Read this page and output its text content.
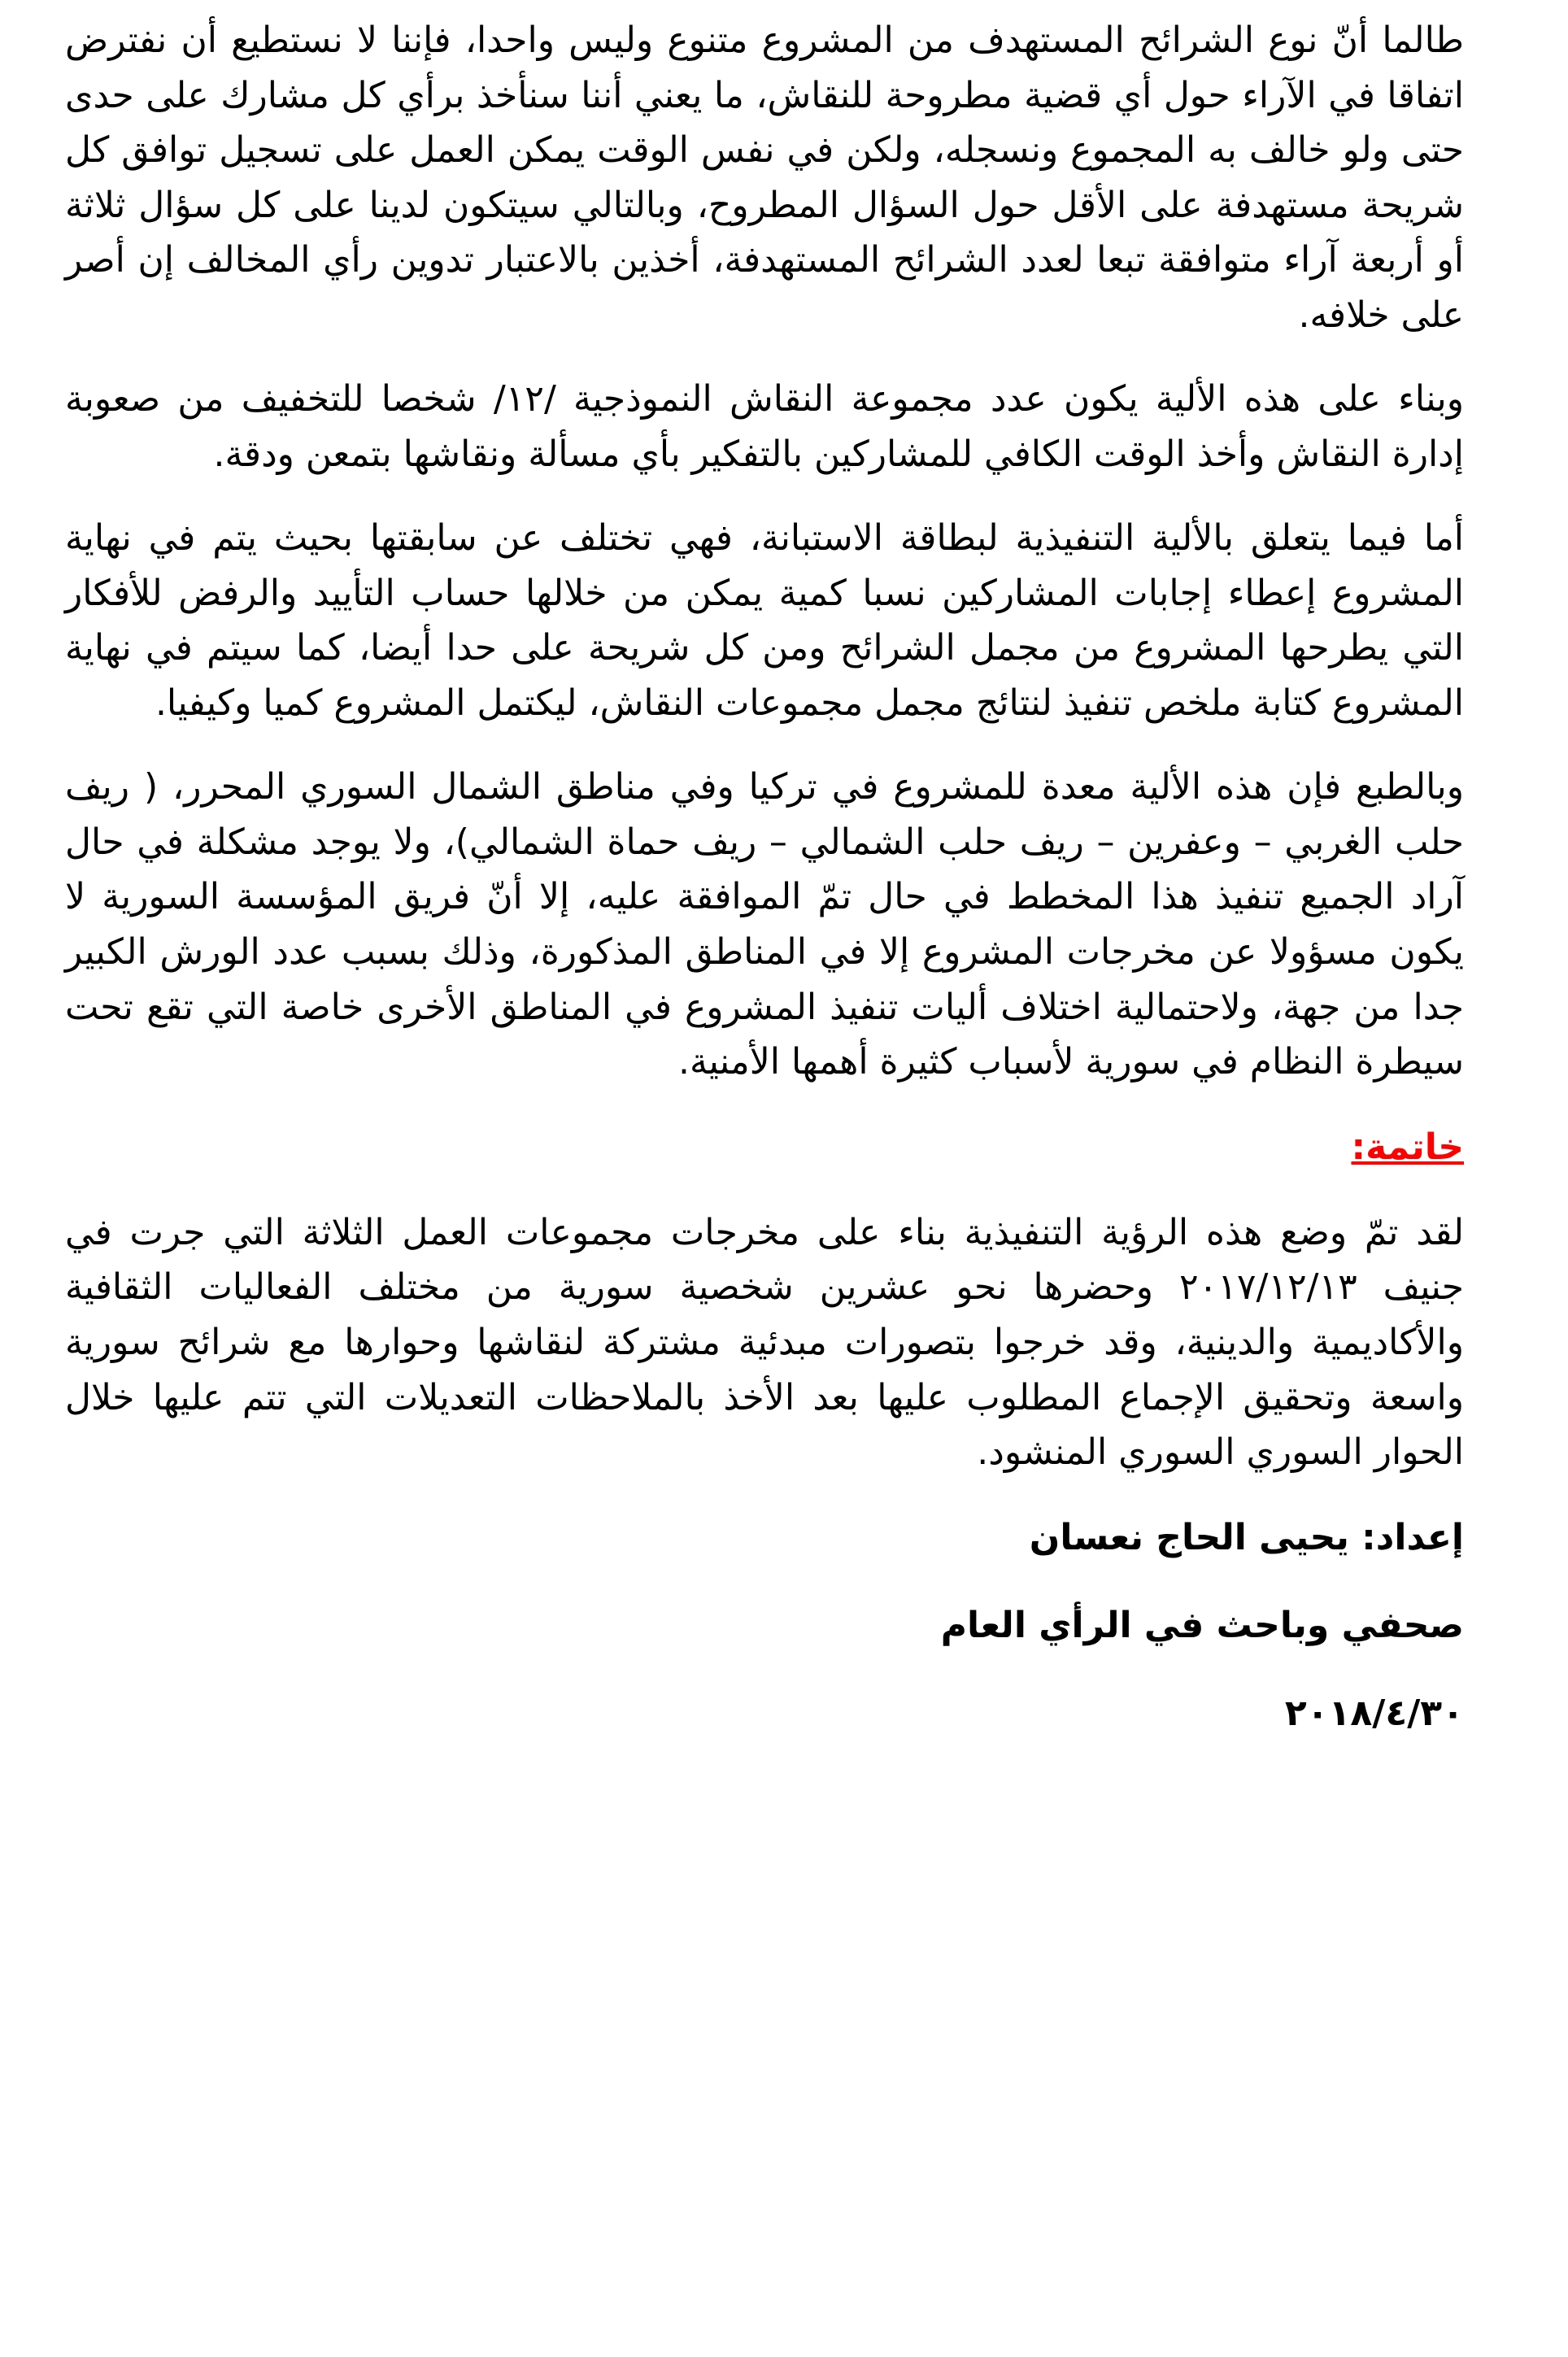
طالما أنّ نوع الشرائح المستهدف من المشروع متنوع وليس واحدا، فإننا لا نستطيع أن نفترض اتفاقا في الآراء حول أي قضية مطروحة للنقاش، ما يعني أننا سنأخذ برأي كل مشارك على حدى حتى ولو خالف به المجموع ونسجله، ولكن في نفس الوقت يمكن العمل على تسجيل توافق كل شريحة مستهدفة على الأقل حول السؤال المطروح، وبالتالي سيتكون لدينا على كل سؤال ثلاثة أو أربعة آراء متوافقة تبعا لعدد الشرائح المستهدفة، أخذين بالاعتبار تدوين رأي المخالف إن أصر على خلافه.

وبناء على هذه الألية يكون عدد مجموعة النقاش النموذجية /١٢/ شخصا للتخفيف من صعوبة إدارة النقاش وأخذ الوقت الكافي للمشاركين بالتفكير بأي مسألة ونقاشها بتمعن ودقة.

أما فيما يتعلق بالألية التنفيذية لبطاقة الاستبانة، فهي تختلف عن سابقتها بحيث يتم في نهاية المشروع إعطاء إجابات المشاركين نسبا كمية يمكن من خلالها حساب التأييد والرفض للأفكار التي يطرحها المشروع من مجمل الشرائح ومن كل شريحة على حدا أيضا، كما سيتم في نهاية المشروع كتابة ملخص تنفيذ لنتائج مجمل مجموعات النقاش، ليكتمل المشروع كميا وكيفيا.

وبالطبع فإن هذه الألية معدة للمشروع في تركيا وفي مناطق الشمال السوري المحرر، ( ريف حلب الغربي – وعفرين – ريف حلب الشمالي – ريف حماة الشمالي)، ولا يوجد مشكلة في حال آراد الجميع تنفيذ هذا المخطط في حال تمّ الموافقة عليه، إلا أنّ فريق المؤسسة السورية لا يكون مسؤولا عن مخرجات المشروع إلا في المناطق المذكورة، وذلك بسبب عدد الورش الكبير جدا من جهة، ولاحتمالية اختلاف أليات تنفيذ المشروع في المناطق الأخرى خاصة التي تقع تحت سيطرة النظام في سورية لأسباب كثيرة أهمها الأمنية.

خاتمة:

لقد تمّ وضع هذه الرؤية التنفيذية بناء على مخرجات مجموعات العمل الثلاثة التي جرت في جنيف ٢٠١٧/١٢/١٣ وحضرها نحو عشرين شخصية سورية من مختلف الفعاليات الثقافية والأكاديمية والدينية، وقد خرجوا بتصورات مبدئية مشتركة لنقاشها وحوارها مع شرائح سورية واسعة وتحقيق الإجماع المطلوب عليها بعد الأخذ بالملاحظات التعديلات التي تتم عليها خلال الحوار السوري السوري المنشود.

إعداد: يحيى الحاج نعسان
صحفي وباحث في الرأي العام
٢٠١٨/٤/٣٠
